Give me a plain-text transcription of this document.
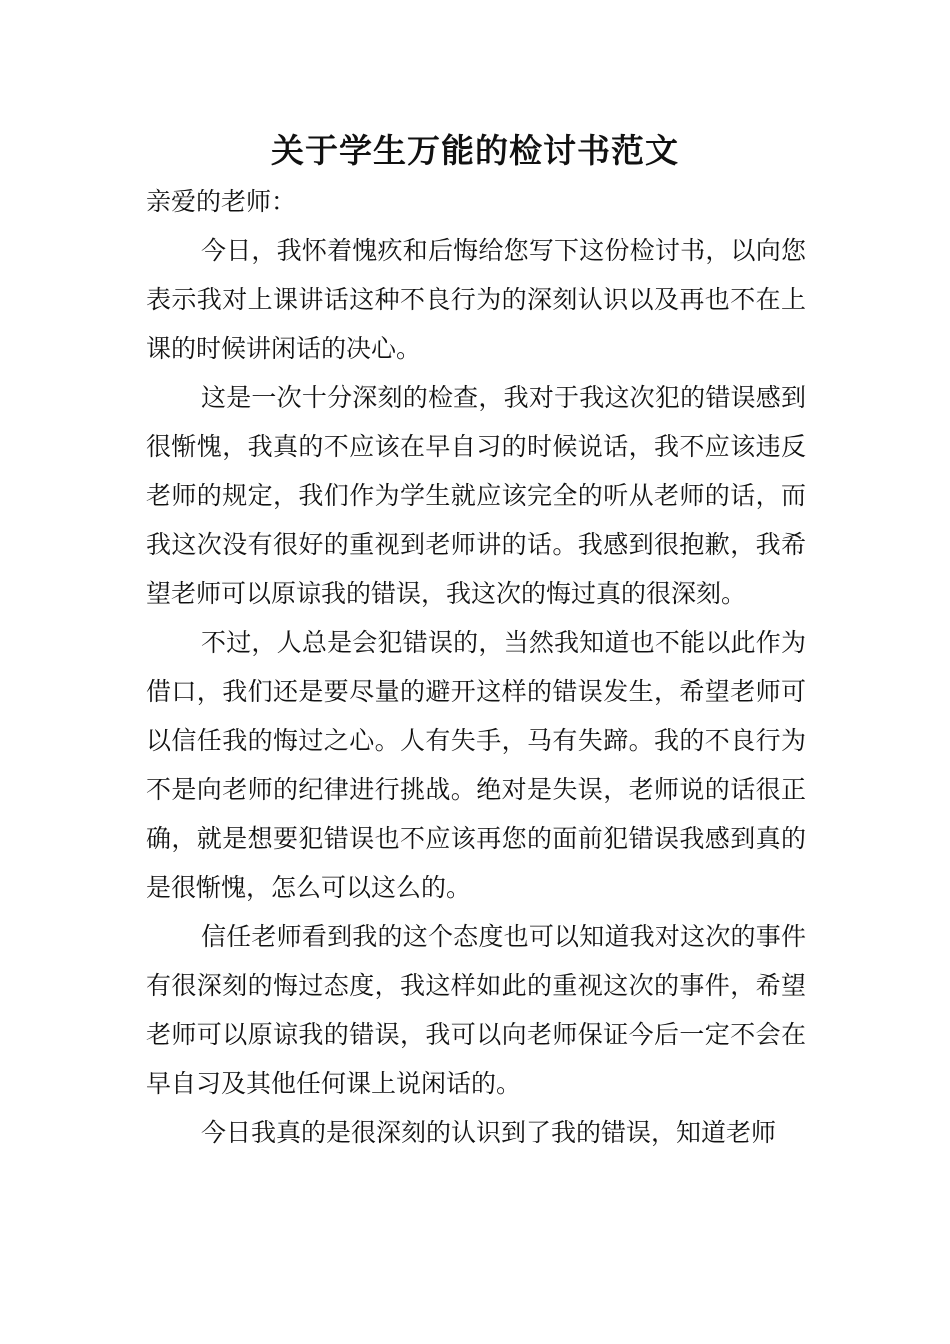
关于学生万能的检讨书范文

亲爱的老师：

今日，我怀着愧疚和后悔给您写下这份检讨书，以向您表示我对上课讲话这种不良行为的深刻认识以及再也不在上课的时候讲闲话的决心。

这是一次十分深刻的检查，我对于我这次犯的错误感到很惭愧，我真的不应该在早自习的时候说话，我不应该违反老师的规定，我们作为学生就应该完全的听从老师的话，而我这次没有很好的重视到老师讲的话。我感到很抱歉，我希望老师可以原谅我的错误，我这次的悔过真的很深刻。

不过，人总是会犯错误的，当然我知道也不能以此作为借口，我们还是要尽量的避开这样的错误发生，希望老师可以信任我的悔过之心。人有失手，马有失蹄。我的不良行为不是向老师的纪律进行挑战。绝对是失误，老师说的话很正确，就是想要犯错误也不应该再您的面前犯错误我感到真的是很惭愧，怎么可以这么的。

信任老师看到我的这个态度也可以知道我对这次的事件有很深刻的悔过态度，我这样如此的重视这次的事件，希望老师可以原谅我的错误，我可以向老师保证今后一定不会在早自习及其他任何课上说闲话的。

今日我真的是很深刻的认识到了我的错误，知道老师
